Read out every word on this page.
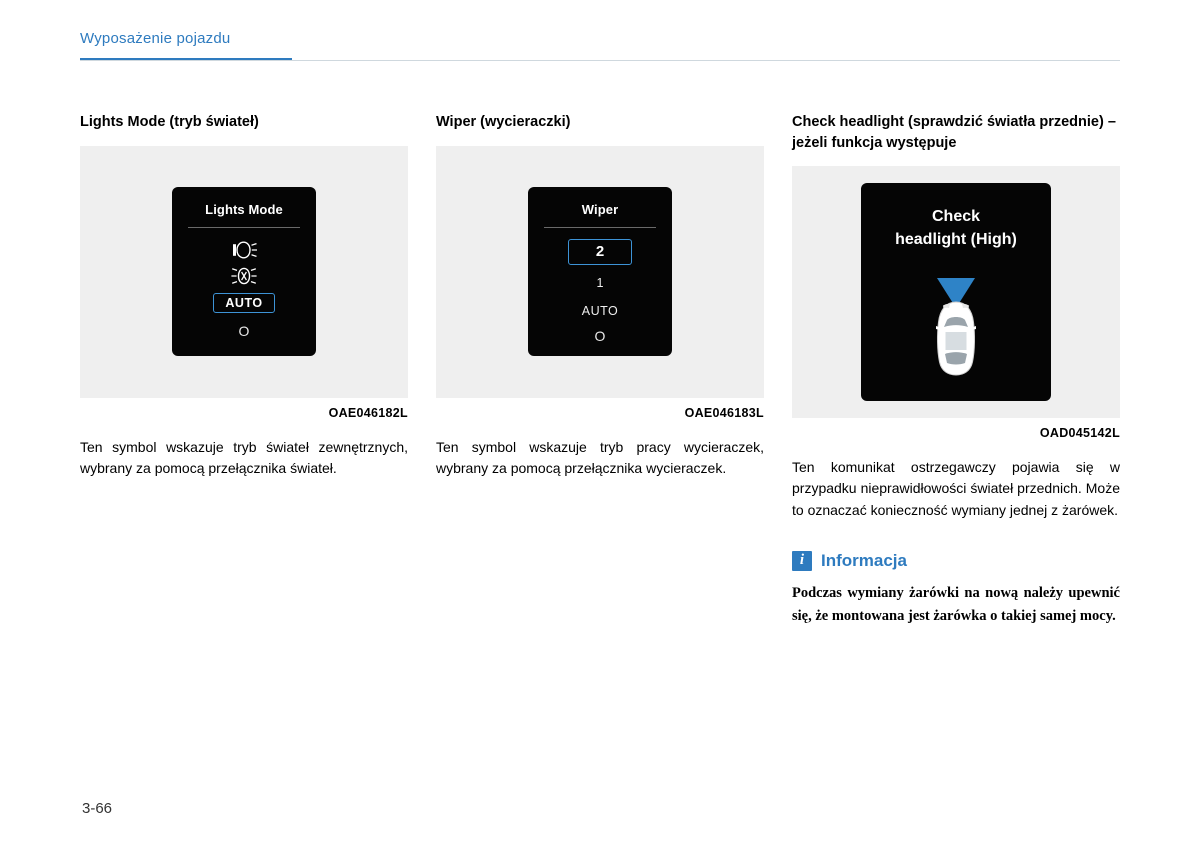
Wyposażenie pojazdu
Lights Mode (tryb świateł)
Lights Mode
AUTO
O
OAE046182L
Ten symbol wskazuje tryb świateł zewnętrznych, wybrany za pomocą przełącznika świateł.
Wiper (wycieraczki)
Wiper
2
1
AUTO
O
OAE046183L
Ten symbol wskazuje tryb pracy wycieraczek, wybrany za pomocą przełącznika wycieraczek.
Check headlight (sprawdzić światła przednie) – jeżeli funkcja występuje
Check
headlight (High)
OAD045142L
Ten komunikat ostrzegawczy pojawia się w przypadku nieprawidłowości świateł przednich. Może to oznaczać konieczność wymiany jednej z żarówek.
i Informacja
Podczas wymiany żarówki na nową należy upewnić się, że montowana jest żarówka o takiej samej mocy.
3-66
